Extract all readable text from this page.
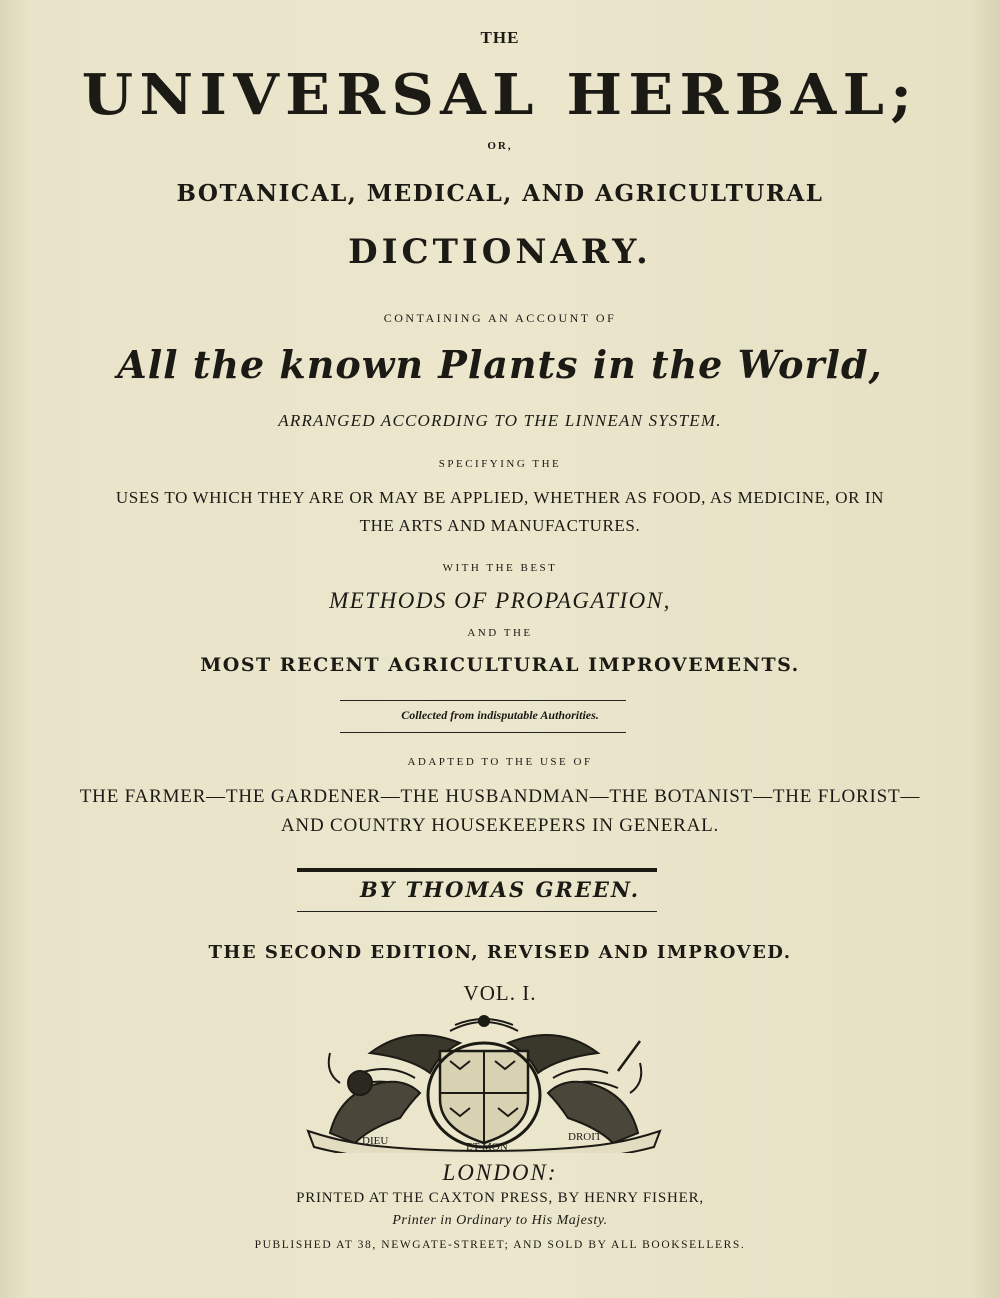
THE
UNIVERSAL HERBAL;
OR,
BOTANICAL, MEDICAL, AND AGRICULTURAL
DICTIONARY.
CONTAINING AN ACCOUNT OF
All the known Plants in the World,
ARRANGED ACCORDING TO THE LINNEAN SYSTEM.
SPECIFYING THE
USES TO WHICH THEY ARE OR MAY BE APPLIED, WHETHER AS FOOD, AS MEDICINE, OR IN
THE ARTS AND MANUFACTURES.
WITH THE BEST
METHODS OF PROPAGATION,
AND THE
MOST RECENT AGRICULTURAL IMPROVEMENTS.
Collected from indisputable Authorities.
ADAPTED TO THE USE OF
THE FARMER—THE GARDENER—THE HUSBANDMAN—THE BOTANIST—THE FLORIST—
AND COUNTRY HOUSEKEEPERS IN GENERAL.
BY THOMAS GREEN.
THE SECOND EDITION, REVISED AND IMPROVED.
VOL. I.
DIEU	ET MON
DROIT
LONDON:
PRINTED AT THE CAXTON PRESS, BY HENRY FISHER,
Printer in Ordinary to His Majesty.
PUBLISHED AT 38, NEWGATE-STREET; AND SOLD BY ALL BOOKSELLERS.
